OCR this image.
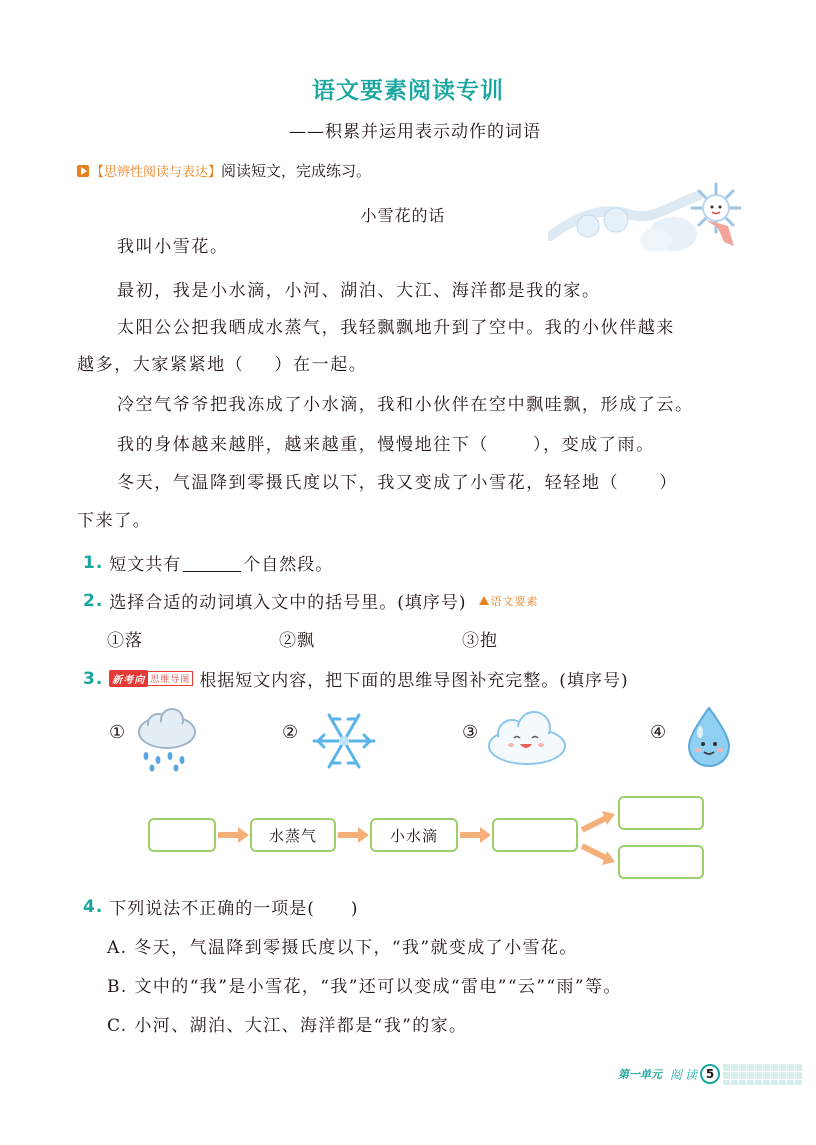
语文要素阅读专训
——积累并运用表示动作的词语
【思辨性阅读与表达】 阅读短文，完成练习。
小雪花的话
我叫小雪花。
最初，我是小水滴，小河、湖泊、大江、海洋都是我的家。
太阳公公把我晒成水蒸气，我轻飘飘地升到了空中。我的小伙伴越来
越多，大家紧紧地（ ）在一起。
冷空气爷爷把我冻成了小水滴，我和小伙伴在空中飘哇飘，形成了云。
我的身体越来越胖，越来越重，慢慢地往下（	），变成了雨。
冬天，气温降到零摄氏度以下，我又变成了小雪花，轻轻地（ ）
下来了。
1. 短文共有	个自然段。
2. 选择合适的动词填入文中的括号里。(填序号) 语文要素
①落	②飘	③抱
3. 新考向 思维导图 根据短文内容，把下面的思维导图补充完整。(填序号)
①	②	③	④
水蒸气	小水滴
4. 下列说法不正确的一项是(　　)
A. 冬天，气温降到零摄氏度以下，“我”就变成了小雪花。
B. 文中的“我”是小雪花，“我”还可以变成“雷电”“云”“雨”等。
C. 小河、湖泊、大江、海洋都是“我”的家。
第一单元 阅读 5
